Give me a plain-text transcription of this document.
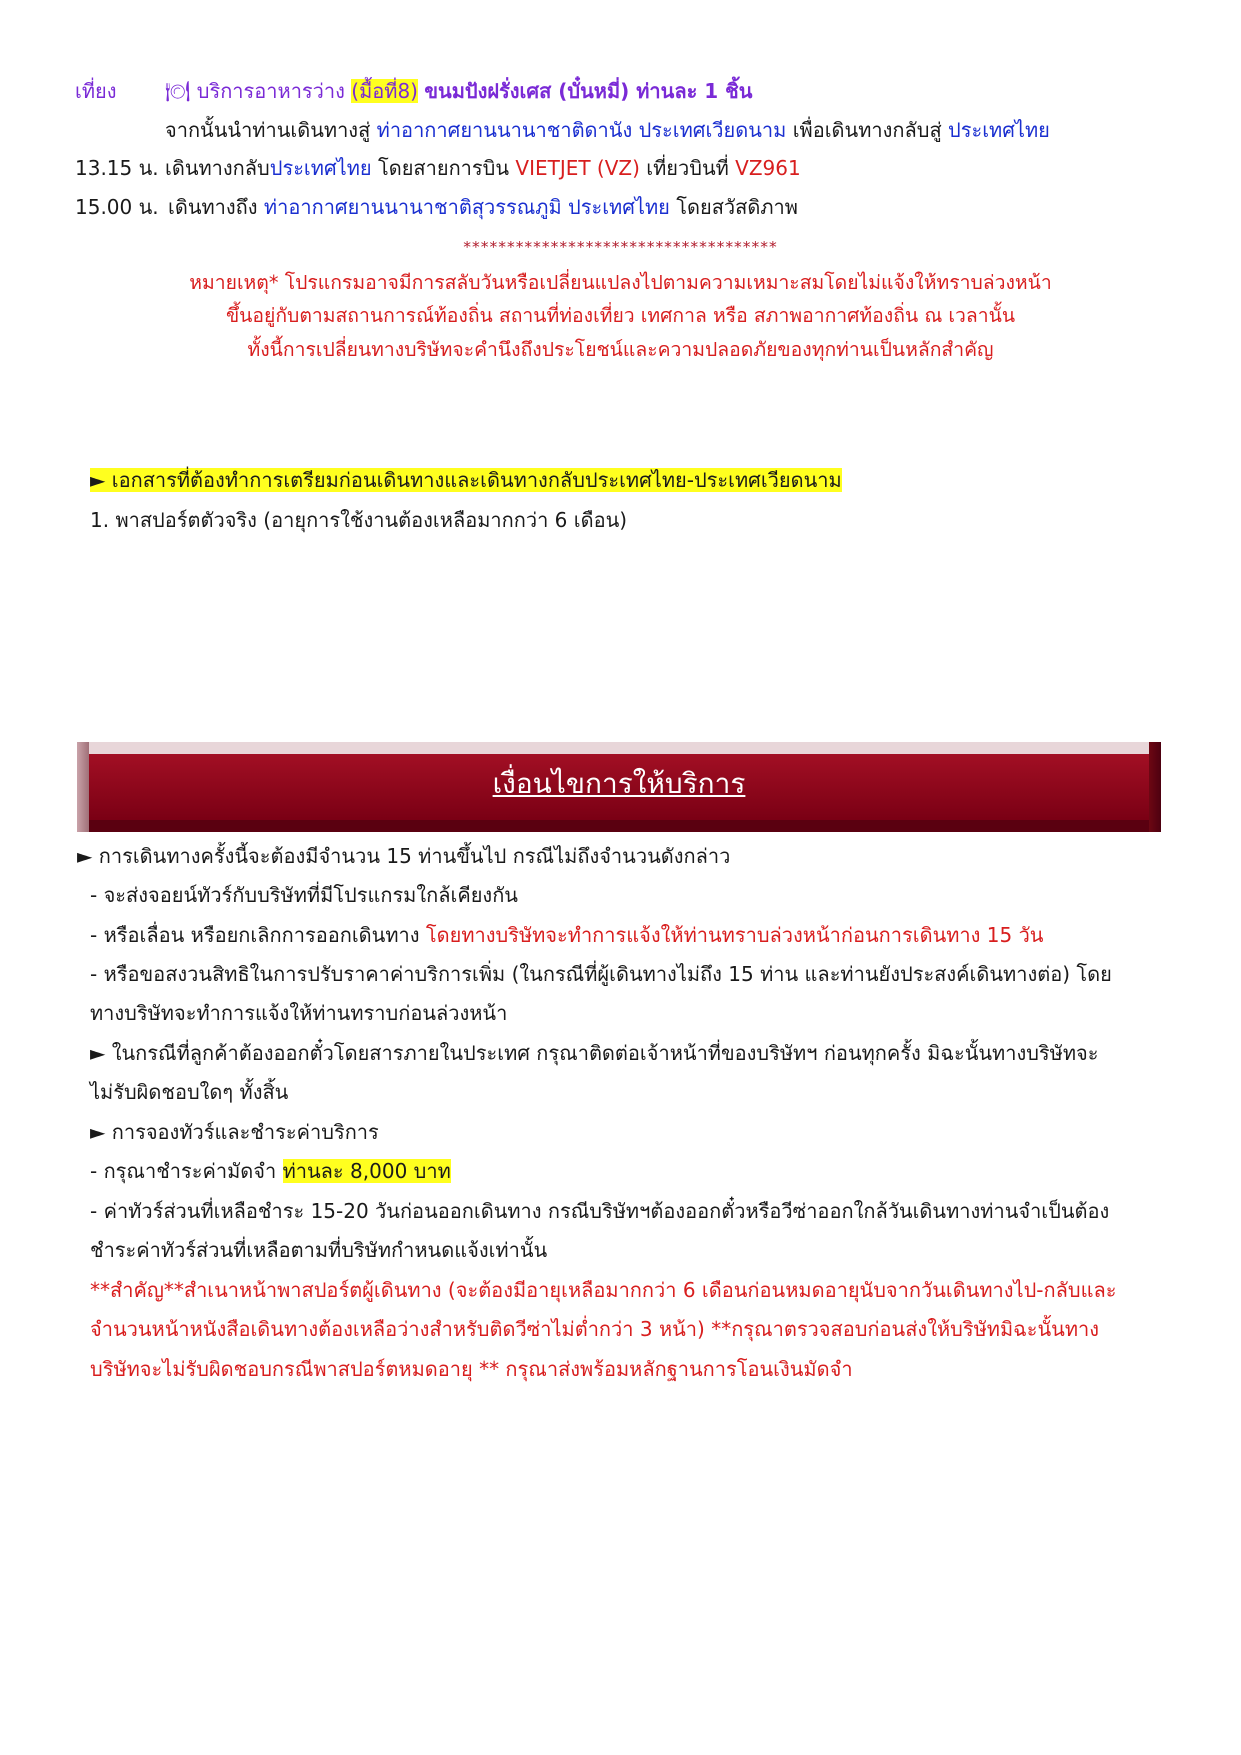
เที่ยง 🍽 บริการอาหารว่าง (มื้อที่8) ขนมปังฝรั่งเศส (บั๋นหมี่) ท่านละ 1 ชิ้น
จากนั้นนำท่านเดินทางสู่ ท่าอากาศยานนานาชาติดานัง ประเทศเวียดนาม เพื่อเดินทางกลับสู่ ประเทศไทย
13.15 น. เดินทางกลับประเทศไทย โดยสายการบิน VIETJET (VZ) เที่ยวบินที่ VZ961
15.00 น. เดินทางถึง ท่าอากาศยานนานาชาติสุวรรณภูมิ ประเทศไทย โดยสวัสดิภาพ
************************************
หมายเหตุ* โปรแกรมอาจมีการสลับวันหรือเปลี่ยนแปลงไปตามความเหมาะสมโดยไม่แจ้งให้ทราบล่วงหน้า
ขึ้นอยู่กับตามสถานการณ์ท้องถิ่น สถานที่ท่องเที่ยว เทศกาล หรือ สภาพอากาศท้องถิ่น ณ เวลานั้น
ทั้งนี้การเปลี่ยนทางบริษัทจะคำนึงถึงประโยชน์และความปลอดภัยของทุกท่านเป็นหลักสำคัญ
► เอกสารที่ต้องทำการเตรียมก่อนเดินทางและเดินทางกลับประเทศไทย-ประเทศเวียดนาม
1. พาสปอร์ตตัวจริง (อายุการใช้งานต้องเหลือมากกว่า 6 เดือน)
เงื่อนไขการให้บริการ
► การเดินทางครั้งนี้จะต้องมีจำนวน 15 ท่านขึ้นไป กรณีไม่ถึงจำนวนดังกล่าว
- จะส่งจอยน์ทัวร์กับบริษัทที่มีโปรแกรมใกล้เคียงกัน
- หรือเลื่อน หรือยกเลิกการออกเดินทาง โดยทางบริษัทจะทำการแจ้งให้ท่านทราบล่วงหน้าก่อนการเดินทาง 15 วัน
- หรือขอสงวนสิทธิในการปรับราคาค่าบริการเพิ่ม (ในกรณีที่ผู้เดินทางไม่ถึง 15 ท่าน และท่านยังประสงค์เดินทางต่อ) โดย
ทางบริษัทจะทำการแจ้งให้ท่านทราบก่อนล่วงหน้า
► ในกรณีที่ลูกค้าต้องออกตั๋วโดยสารภายในประเทศ กรุณาติดต่อเจ้าหน้าที่ของบริษัทฯ ก่อนทุกครั้ง มิฉะนั้นทางบริษัทจะ
ไม่รับผิดชอบใดๆ ทั้งสิ้น
► การจองทัวร์และชำระค่าบริการ
- กรุณาชำระค่ามัดจำ ท่านละ 8,000 บาท
- ค่าทัวร์ส่วนที่เหลือชำระ 15-20 วันก่อนออกเดินทาง กรณีบริษัทฯต้องออกตั๋วหรือวีซ่าออกใกล้วันเดินทางท่านจำเป็นต้อง
ชำระค่าทัวร์ส่วนที่เหลือตามที่บริษัทกำหนดแจ้งเท่านั้น
**สำคัญ**สำเนาหน้าพาสปอร์ตผู้เดินทาง (จะต้องมีอายุเหลือมากกว่า 6 เดือนก่อนหมดอายุนับจากวันเดินทางไป-กลับและ
จำนวนหน้าหนังสือเดินทางต้องเหลือว่างสำหรับติดวีซ่าไม่ต่ำกว่า 3 หน้า) **กรุณาตรวจสอบก่อนส่งให้บริษัทมิฉะนั้นทาง
บริษัทจะไม่รับผิดชอบกรณีพาสปอร์ตหมดอายุ ** กรุณาส่งพร้อมหลักฐานการโอนเงินมัดจำ
